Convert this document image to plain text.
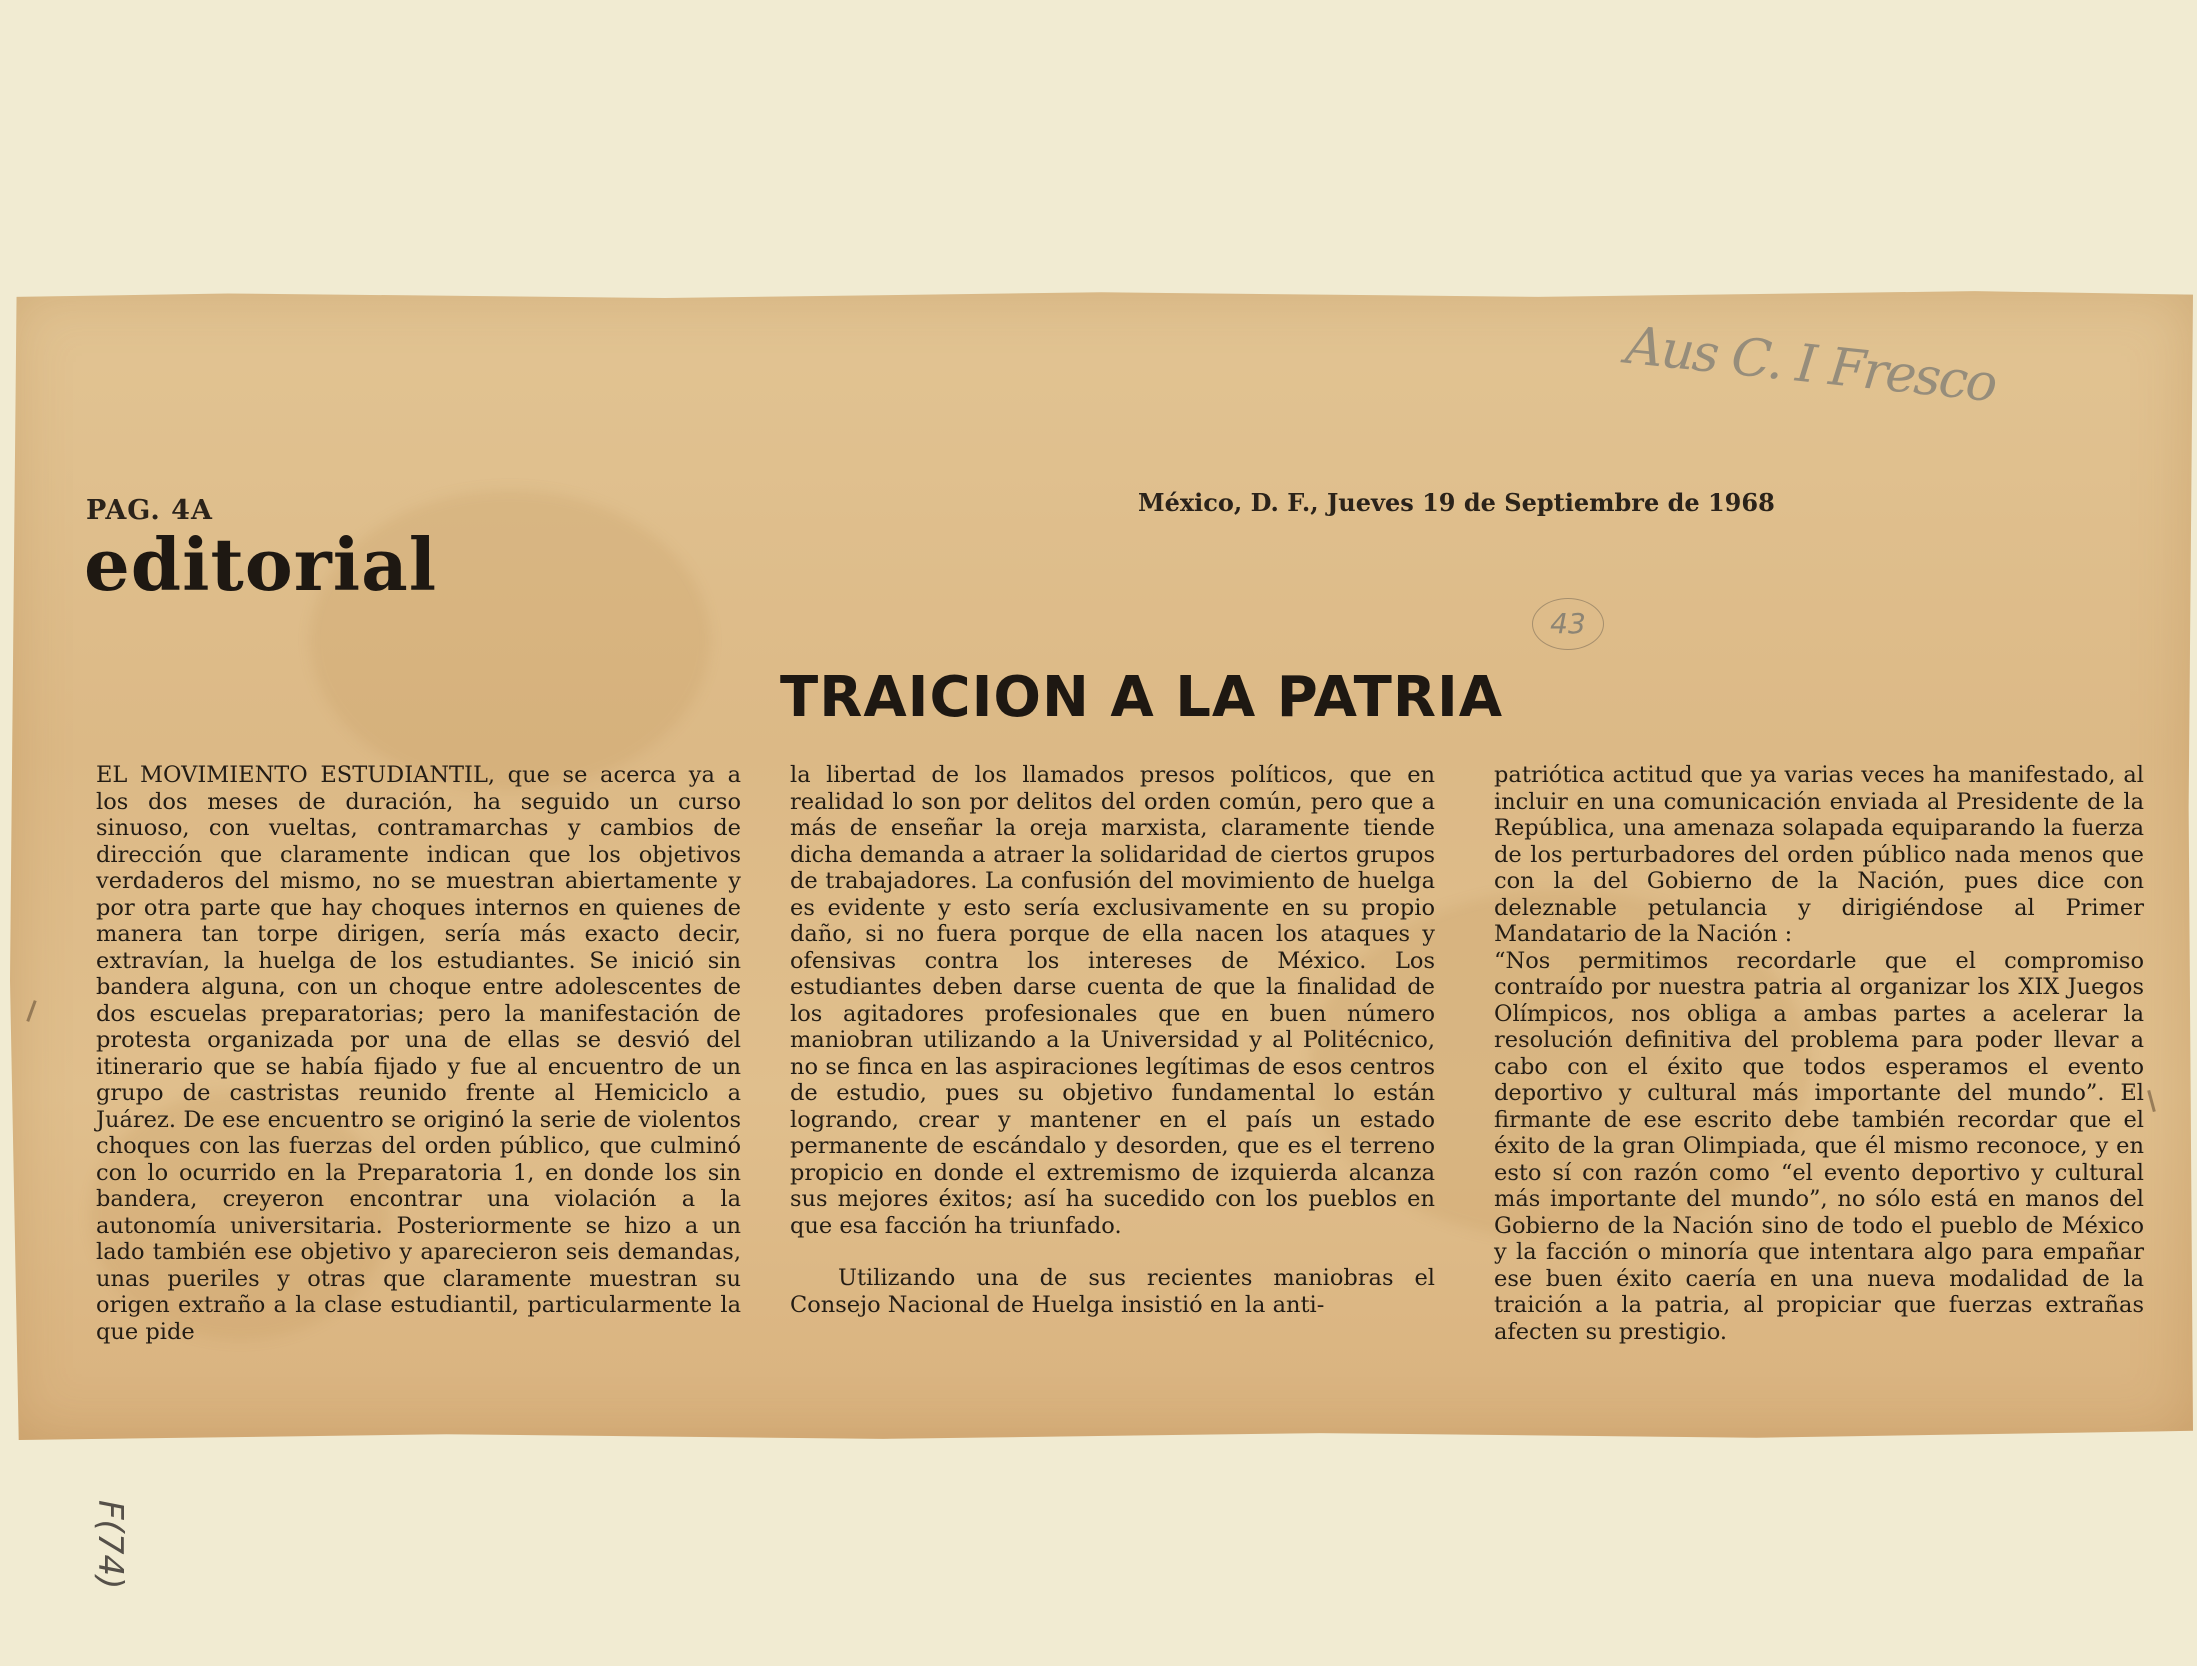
PAG. 4A
editorial
México, D. F., Jueves 19 de Septiembre de 1968
Aus C. I Fresco
43
TRAICION A LA PATRIA

EL MOVIMIENTO ESTUDIANTIL, que se acerca ya a los dos meses de duración, ha seguido un curso sinuoso, con vueltas, contramarchas y cambios de dirección que claramente indican que los objetivos verdaderos del mismo, no se muestran abiertamente y por otra parte que hay choques internos en quienes de manera tan torpe dirigen, sería más exacto decir, extravían, la huelga de los estudiantes. Se inició sin bandera alguna, con un choque entre adolescentes de dos escuelas preparatorias; pero la manifestación de protesta organizada por una de ellas se desvió del itinerario que se había fijado y fue al encuentro de un grupo de castristas reunido frente al Hemiciclo a Juárez. De ese encuentro se originó la serie de violentos choques con las fuerzas del orden público, que culminó con lo ocurrido en la Preparatoria 1, en donde los sin bandera, creyeron encontrar una violación a la autonomía universitaria. Posteriormente se hizo a un lado también ese objetivo y aparecieron seis demandas, unas pueriles y otras que claramente muestran su origen extraño a la clase estudiantil, particularmente la que pide

la libertad de los llamados presos políticos, que en realidad lo son por delitos del orden común, pero que a más de enseñar la oreja marxista, claramente tiende dicha demanda a atraer la solidaridad de ciertos grupos de trabajadores. La confusión del movimiento de huelga es evidente y esto sería exclusivamente en su propio daño, si no fuera porque de ella nacen los ataques y ofensivas contra los intereses de México. Los estudiantes deben darse cuenta de que la finalidad de los agitadores profesionales que en buen número maniobran utilizando a la Universidad y al Politécnico, no se finca en las aspiraciones legítimas de esos centros de estudio, pues su objetivo fundamental lo están logrando, crear y mantener en el país un estado permanente de escándalo y desorden, que es el terreno propicio en donde el extremismo de izquierda alcanza sus mejores éxitos; así ha sucedido con los pueblos en que esa facción ha triunfado.

Utilizando una de sus recientes maniobras el Consejo Nacional de Huelga insistió en la anti-

patriótica actitud que ya varias veces ha manifestado, al incluir en una comunicación enviada al Presidente de la República, una amenaza solapada equiparando la fuerza de los perturbadores del orden público nada menos que con la del Gobierno de la Nación, pues dice con deleznable petulancia y dirigiéndose al Primer Mandatario de la Nación :

“Nos permitimos recordarle que el compromiso contraído por nuestra patria al organizar los XIX Juegos Olímpicos, nos obliga a ambas partes a acelerar la resolución definitiva del problema para poder llevar a cabo con el éxito que todos esperamos el evento deportivo y cultural más importante del mundo”. El firmante de ese escrito debe también recordar que el éxito de la gran Olimpiada, que él mismo reconoce, y en esto sí con razón como “el evento deportivo y cultural más importante del mundo”, no sólo está en manos del Gobierno de la Nación sino de todo el pueblo de México y la facción o minoría que intentara algo para empañar ese buen éxito caería en una nueva modalidad de la traición a la patria, al propiciar que fuerzas extrañas afecten su prestigio.

F(74)
